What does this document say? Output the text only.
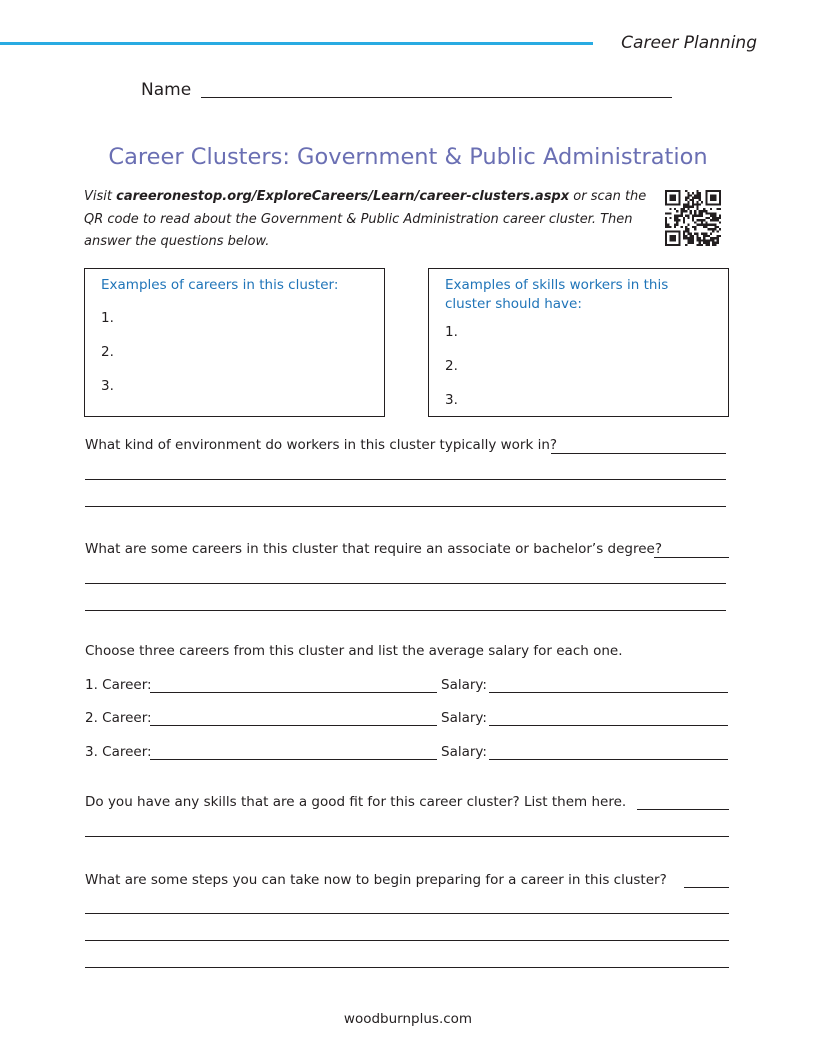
Career Planning
Name
Career Clusters: Government & Public Administration
Visit careeronestop.org/ExploreCareers/Learn/career-clusters.aspx or scan the QR code to read about the Government & Public Administration career cluster. Then answer the questions below.
Examples of careers in this cluster:
1.
2.
3.
Examples of skills workers in this cluster should have:
1.
2.
3.
What kind of environment do workers in this cluster typically work in?
What are some careers in this cluster that require an associate or bachelor’s degree?
Choose three careers from this cluster and list the average salary for each one.
1. Career:	Salary:
2. Career:	Salary:
3. Career:	Salary:
Do you have any skills that are a good fit for this career cluster? List them here.
What are some steps you can take now to begin preparing for a career in this cluster?
woodburnplus.com
